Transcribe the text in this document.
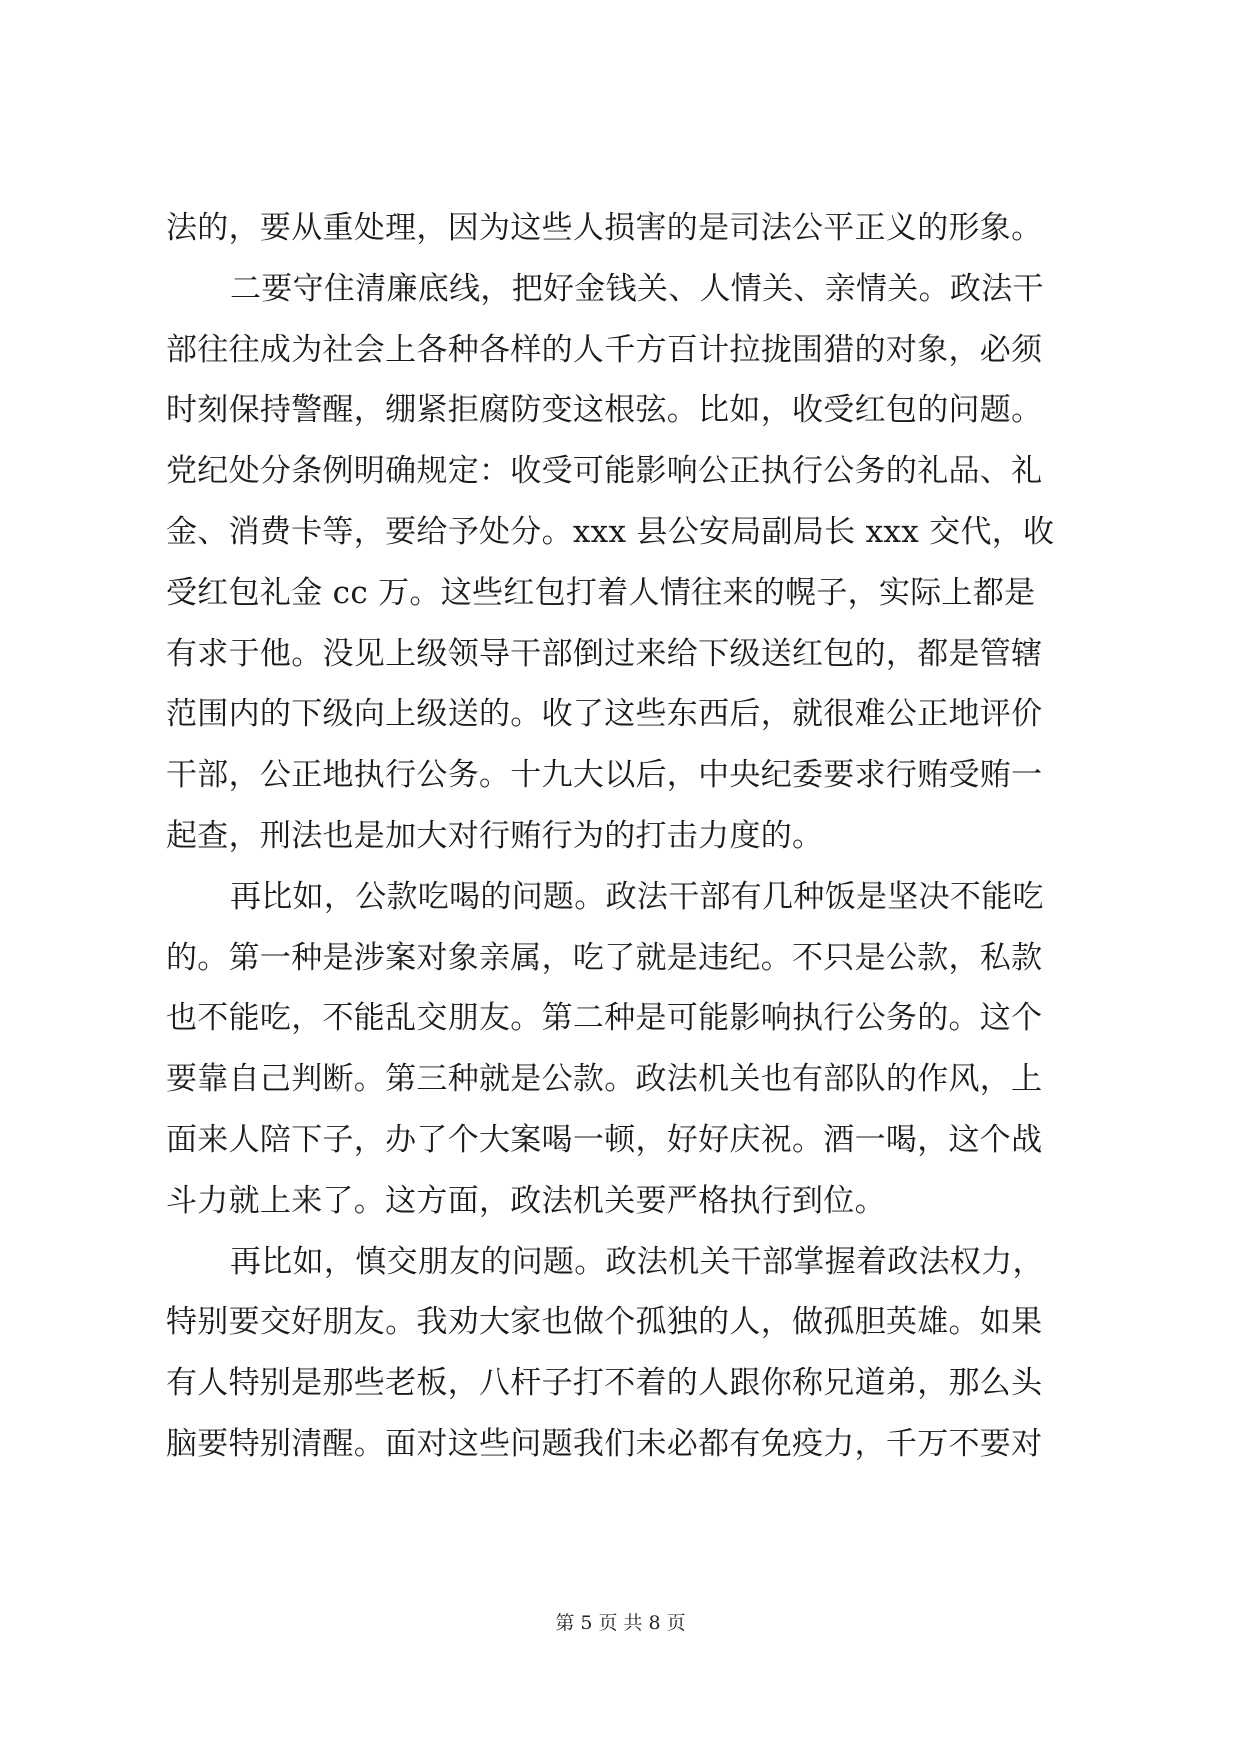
法的，要从重处理，因为这些人损害的是司法公平正义的形象。
二要守住清廉底线，把好金钱关、人情关、亲情关。政法干
部往往成为社会上各种各样的人千方百计拉拢围猎的对象，必须
时刻保持警醒，绷紧拒腐防变这根弦。比如，收受红包的问题。
党纪处分条例明确规定：收受可能影响公正执行公务的礼品、礼
金、消费卡等，要给予处分。xxx 县公安局副局长 xxx 交代，收
受红包礼金 cc 万。这些红包打着人情往来的幌子，实际上都是
有求于他。没见上级领导干部倒过来给下级送红包的，都是管辖
范围内的下级向上级送的。收了这些东西后，就很难公正地评价
干部，公正地执行公务。十九大以后，中央纪委要求行贿受贿一
起查，刑法也是加大对行贿行为的打击力度的。
再比如，公款吃喝的问题。政法干部有几种饭是坚决不能吃
的。第一种是涉案对象亲属，吃了就是违纪。不只是公款，私款
也不能吃，不能乱交朋友。第二种是可能影响执行公务的。这个
要靠自己判断。第三种就是公款。政法机关也有部队的作风，上
面来人陪下子，办了个大案喝一顿，好好庆祝。酒一喝，这个战
斗力就上来了。这方面，政法机关要严格执行到位。
再比如，慎交朋友的问题。政法机关干部掌握着政法权力，
特别要交好朋友。我劝大家也做个孤独的人，做孤胆英雄。如果
有人特别是那些老板，八杆子打不着的人跟你称兄道弟，那么头
脑要特别清醒。面对这些问题我们未必都有免疫力，千万不要对
第 5 页 共 8 页
